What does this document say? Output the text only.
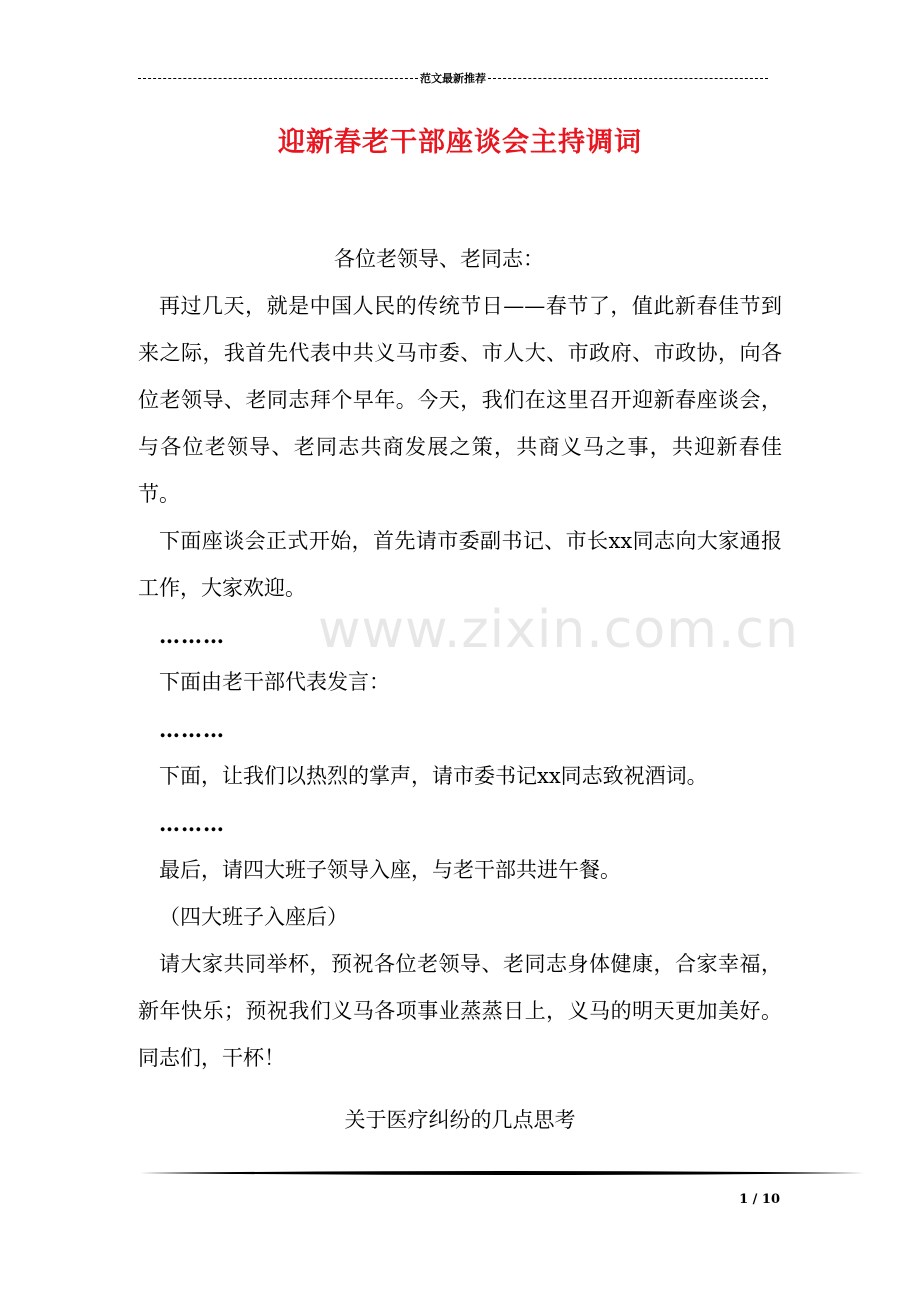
范文最新推荐
迎新春老干部座谈会主持调词
www.zixin.com.cn

各位老领导、老同志：

再过几天，就是中国人民的传统节日——春节了，值此新春佳节到来之际，我首先代表中共义马市委、市人大、市政府、市政协，向各位老领导、老同志拜个早年。今天，我们在这里召开迎新春座谈会，与各位老领导、老同志共商发展之策，共商义马之事，共迎新春佳节。

下面座谈会正式开始，首先请市委副书记、市长xx同志向大家通报工作，大家欢迎。

………

下面由老干部代表发言：

………

下面，让我们以热烈的掌声，请市委书记xx同志致祝酒词。

………

最后，请四大班子领导入座，与老干部共进午餐。

（四大班子入座后）

请大家共同举杯，预祝各位老领导、老同志身体健康，合家幸福，新年快乐；预祝我们义马各项事业蒸蒸日上，义马的明天更加美好。同志们，干杯！

关于医疗纠纷的几点思考
1 / 10
